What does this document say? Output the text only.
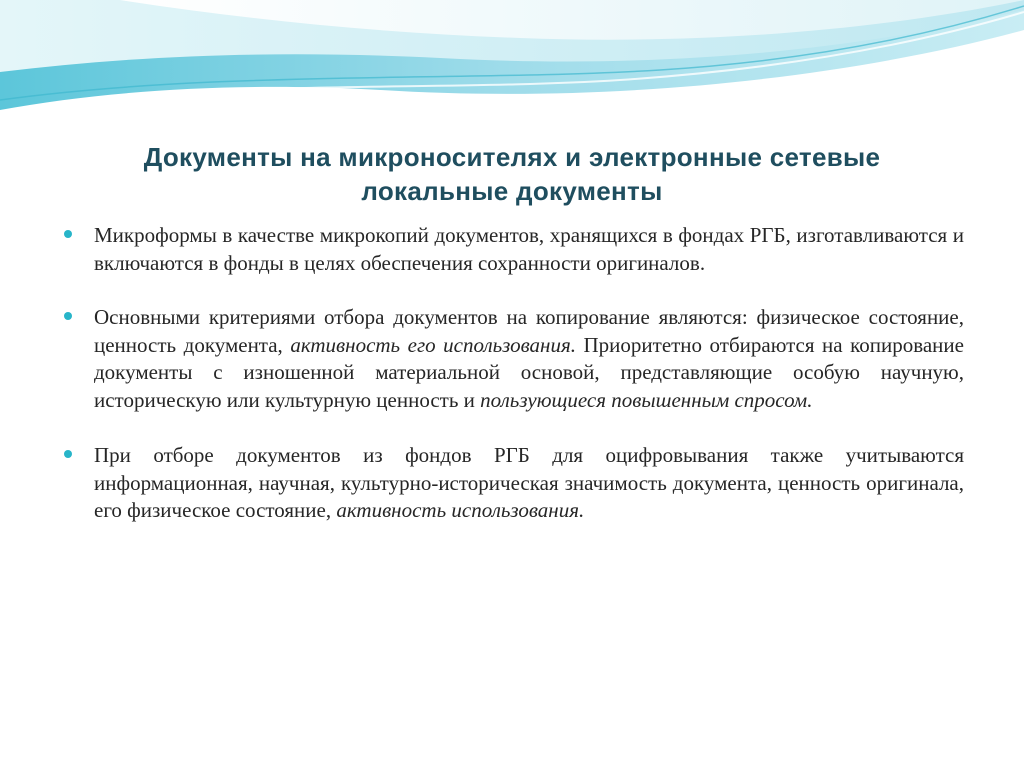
Документы на микроносителях и электронные сетевые
локальные документы
Микроформы в качестве микрокопий документов, хранящихся в фондах РГБ, изготавливаются и включаются в фонды в целях обеспечения сохранности оригиналов.
Основными критериями отбора документов на копирование являются: физическое состояние, ценность документа, активность его использования. Приоритетно отбираются на копирование документы с изношенной материальной основой, представляющие особую научную, историческую или культурную ценность и пользующиеся повышенным спросом.
При отборе документов из фондов РГБ для оцифровывания также учитываются информационная, научная, культурно-историческая значимость документа, ценность оригинала, его физическое состояние, активность использования.
